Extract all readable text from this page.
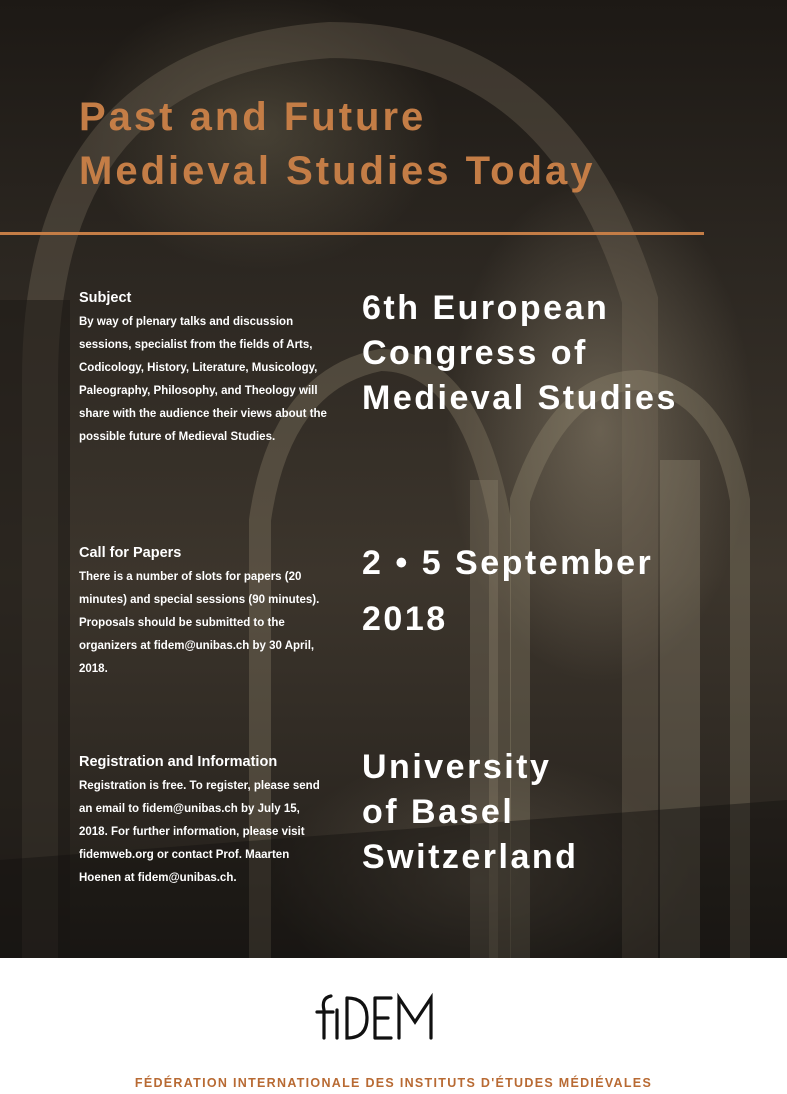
Past and Future
Medieval Studies Today
Subject

By way of plenary talks and discussion sessions, specialist from the fields of Arts, Codicology, History, Literature, Musicology, Paleography, Philosophy, and Theology will share with the audience their views about the possible future of Medieval Studies.

Call for Papers

There is a number of slots for papers (20 minutes) and special sessions (90 minutes). Proposals should be submitted to the organizers at fidem@unibas.ch by 30 April, 2018.

Registration and Information

Registration is free. To register, please send an email to fidem@unibas.ch by July 15, 2018. For further information, please visit fidemweb.org or contact Prof. Maarten Hoenen at fidem@unibas.ch.

6th European
Congress of
Medieval Studies
2 • 5 September
2018
University
of Basel
Switzerland
FÉDÉRATION INTERNATIONALE DES INSTITUTS D'ÉTUDES MÉDIÉVALES
